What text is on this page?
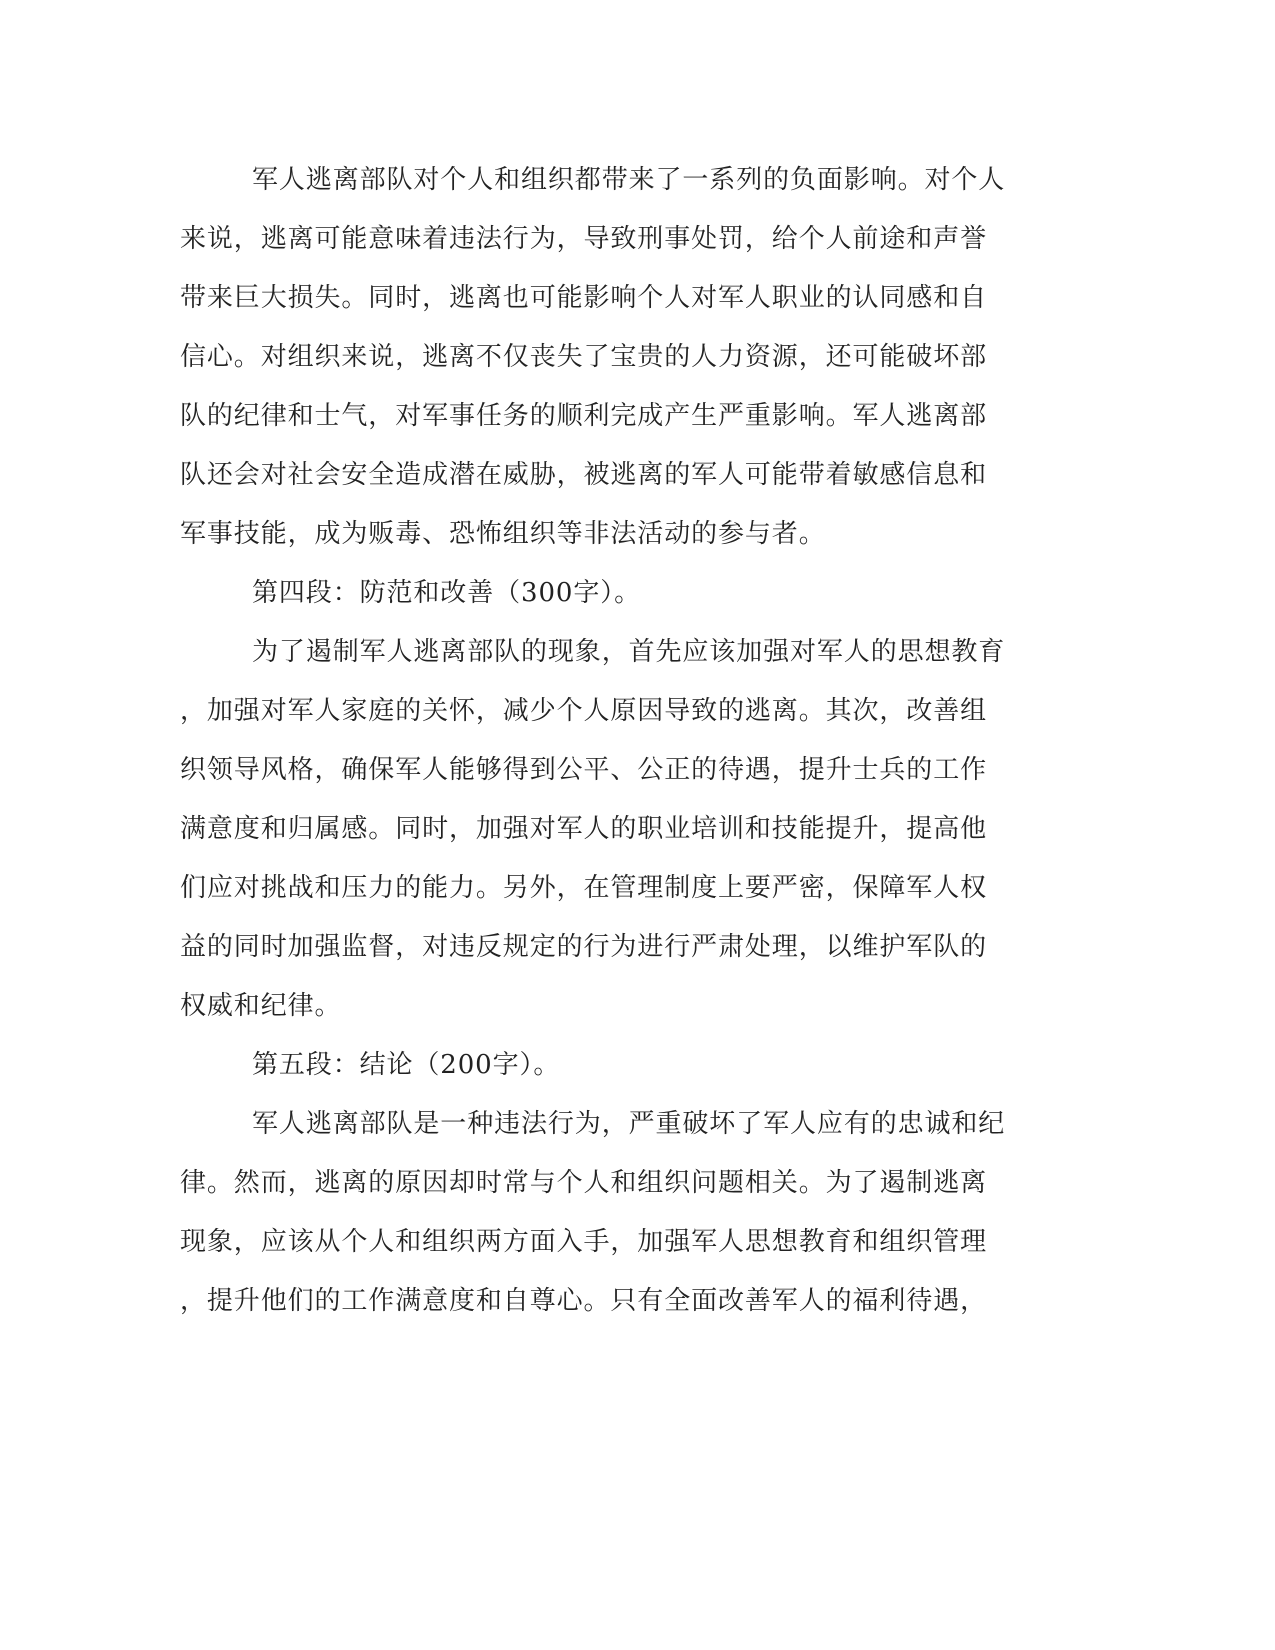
军人逃离部队对个人和组织都带来了一系列的负面影响。对个人
来说，逃离可能意味着违法行为，导致刑事处罚，给个人前途和声誉
带来巨大损失。同时，逃离也可能影响个人对军人职业的认同感和自
信心。对组织来说，逃离不仅丧失了宝贵的人力资源，还可能破坏部
队的纪律和士气，对军事任务的顺利完成产生严重影响。军人逃离部
队还会对社会安全造成潜在威胁，被逃离的军人可能带着敏感信息和
军事技能，成为贩毒、恐怖组织等非法活动的参与者。
第四段：防范和改善（300字）。
为了遏制军人逃离部队的现象，首先应该加强对军人的思想教育
，加强对军人家庭的关怀，减少个人原因导致的逃离。其次，改善组
织领导风格，确保军人能够得到公平、公正的待遇，提升士兵的工作
满意度和归属感。同时，加强对军人的职业培训和技能提升，提高他
们应对挑战和压力的能力。另外，在管理制度上要严密，保障军人权
益的同时加强监督，对违反规定的行为进行严肃处理，以维护军队的
权威和纪律。
第五段：结论（200字）。
军人逃离部队是一种违法行为，严重破坏了军人应有的忠诚和纪
律。然而，逃离的原因却时常与个人和组织问题相关。为了遏制逃离
现象，应该从个人和组织两方面入手，加强军人思想教育和组织管理
，提升他们的工作满意度和自尊心。只有全面改善军人的福利待遇，
